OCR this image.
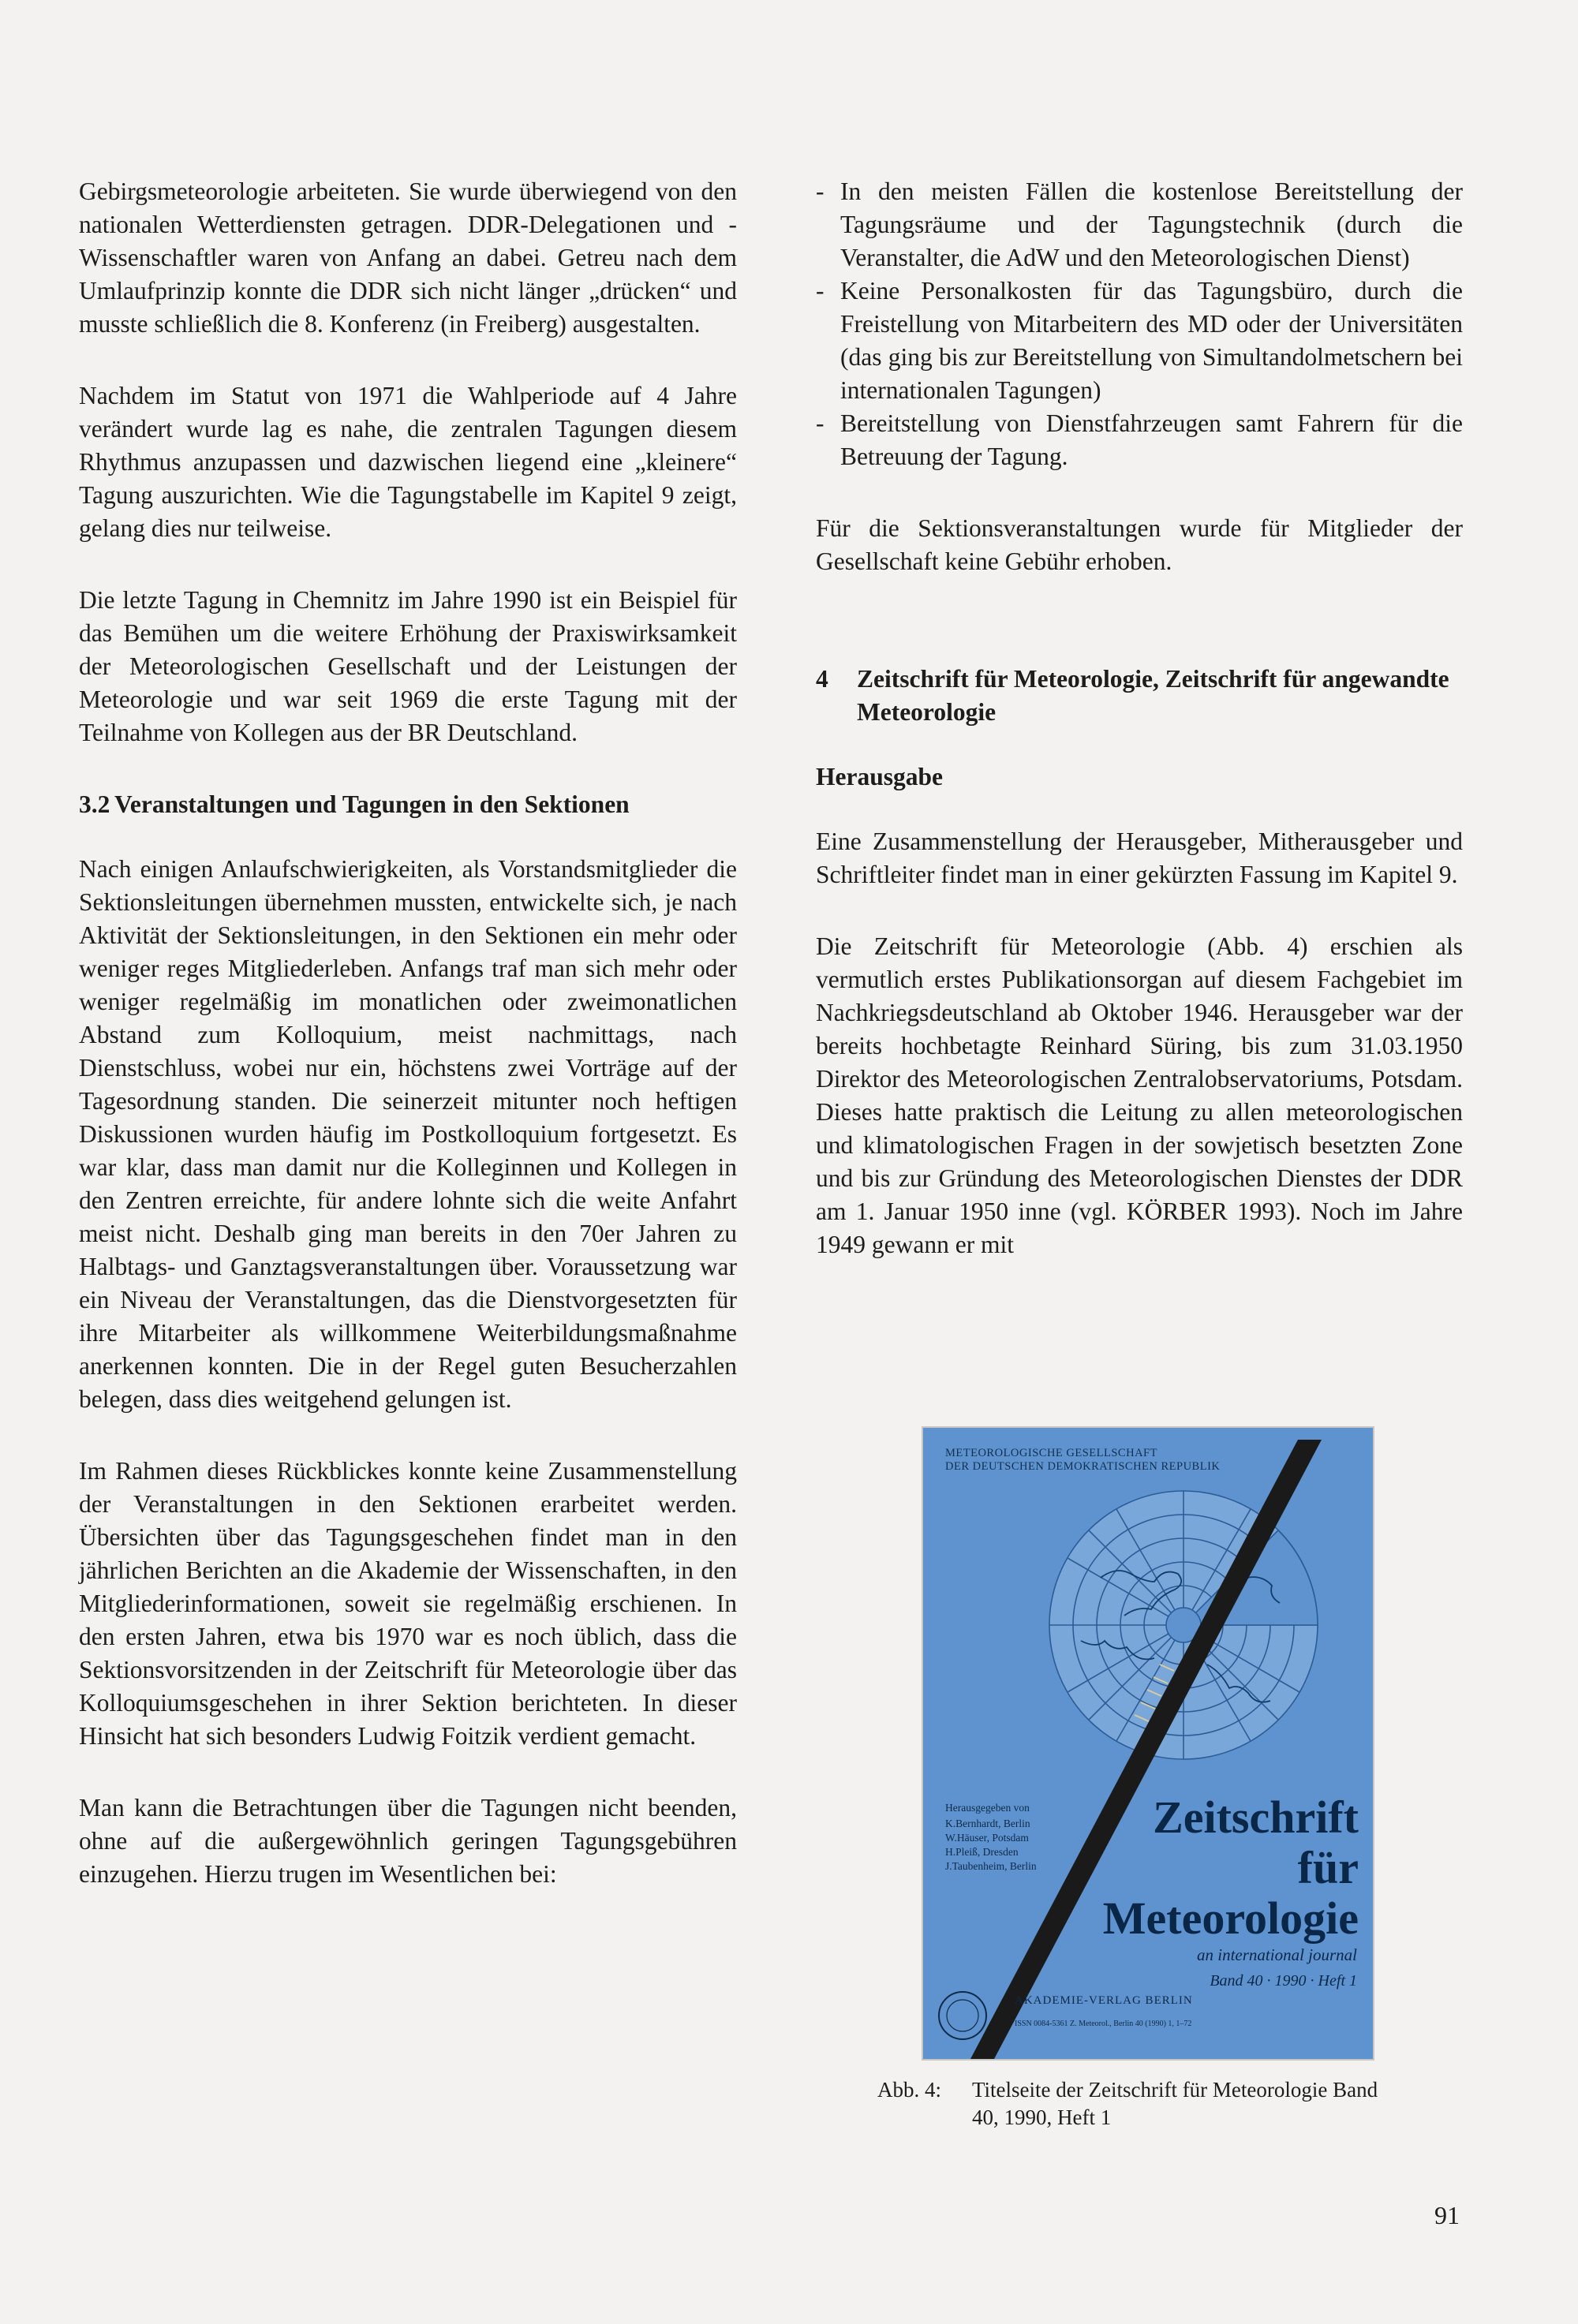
Gebirgsmeteorologie arbeiteten. Sie wurde überwiegend von den nationalen Wetterdiensten getragen. DDR-Delegationen und -Wissenschaftler waren von Anfang an dabei. Getreu nach dem Umlaufprinzip konnte die DDR sich nicht länger „drücken“ und musste schließlich die 8. Konferenz (in Freiberg) ausgestalten.

Nachdem im Statut von 1971 die Wahlperiode auf 4 Jahre verändert wurde lag es nahe, die zentralen Tagungen diesem Rhythmus anzupassen und dazwischen liegend eine „kleinere“ Tagung auszurichten. Wie die Tagungstabelle im Kapitel 9 zeigt, gelang dies nur teilweise.

Die letzte Tagung in Chemnitz im Jahre 1990 ist ein Beispiel für das Bemühen um die weitere Erhöhung der Praxiswirksamkeit der Meteorologischen Gesellschaft und der Leistungen der Meteorologie und war seit 1969 die erste Tagung mit der Teilnahme von Kollegen aus der BR Deutschland.

3.2 Veranstaltungen und Tagungen in den Sektionen

Nach einigen Anlaufschwierigkeiten, als Vorstandsmitglieder die Sektionsleitungen übernehmen mussten, entwickelte sich, je nach Aktivität der Sektionsleitungen, in den Sektionen ein mehr oder weniger reges Mitgliederleben. Anfangs traf man sich mehr oder weniger regelmäßig im monatlichen oder zweimonatlichen Abstand zum Kolloquium, meist nachmittags, nach Dienstschluss, wobei nur ein, höchstens zwei Vorträge auf der Tagesordnung standen. Die seinerzeit mitunter noch heftigen Diskussionen wurden häufig im Postkolloquium fortgesetzt. Es war klar, dass man damit nur die Kolleginnen und Kollegen in den Zentren erreichte, für andere lohnte sich die weite Anfahrt meist nicht. Deshalb ging man bereits in den 70er Jahren zu Halbtags- und Ganztagsveranstaltungen über. Voraussetzung war ein Niveau der Veranstaltungen, das die Dienstvorgesetzten für ihre Mitarbeiter als willkommene Weiterbildungsmaßnahme anerkennen konnten. Die in der Regel guten Besucherzahlen belegen, dass dies weitgehend gelungen ist.

Im Rahmen dieses Rückblickes konnte keine Zusammenstellung der Veranstaltungen in den Sektionen erarbeitet werden. Übersichten über das Tagungsgeschehen findet man in den jährlichen Berichten an die Akademie der Wissenschaften, in den Mitgliederinformationen, soweit sie regelmäßig erschienen. In den ersten Jahren, etwa bis 1970 war es noch üblich, dass die Sektionsvorsitzenden in der Zeitschrift für Meteorologie über das Kolloquiumsgeschehen in ihrer Sektion berichteten. In dieser Hinsicht hat sich besonders Ludwig Foitzik verdient gemacht.

Man kann die Betrachtungen über die Tagungen nicht beenden, ohne auf die außergewöhnlich geringen Tagungsgebühren einzugehen. Hierzu trugen im Wesentlichen bei:

- In den meisten Fällen die kostenlose Bereitstellung der Tagungsräume und der Tagungstechnik (durch die Veranstalter, die AdW und den Meteorologischen Dienst)
- Keine Personalkosten für das Tagungsbüro, durch die Freistellung von Mitarbeitern des MD oder der Universitäten (das ging bis zur Bereitstellung von Simultandolmetschern bei internationalen Tagungen)
- Bereitstellung von Dienstfahrzeugen samt Fahrern für die Betreuung der Tagung.

Für die Sektionsveranstaltungen wurde für Mitglieder der Gesellschaft keine Gebühr erhoben.

4	Zeitschrift für Meteorologie, Zeitschrift für angewandte Meteorologie
Herausgabe

Eine Zusammenstellung der Herausgeber, Mitherausgeber und Schriftleiter findet man in einer gekürzten Fassung im Kapitel 9.

Die Zeitschrift für Meteorologie (Abb. 4) erschien als vermutlich erstes Publikationsorgan auf diesem Fachgebiet im Nachkriegsdeutschland ab Oktober 1946. Herausgeber war der bereits hochbetagte Reinhard Süring, bis zum 31.03.1950 Direktor des Meteorologischen Zentralobservatoriums, Potsdam. Dieses hatte praktisch die Leitung zu allen meteorologischen und klimatologischen Fragen in der sowjetisch besetzten Zone und bis zur Gründung des Meteorologischen Dienstes der DDR am 1. Januar 1950 inne (vgl. KÖRBER 1993). Noch im Jahre 1949 gewann er mit

METEOROLOGISCHE GESELLSCHAFT
DER DEUTSCHEN DEMOKRATISCHEN REPUBLIK
Herausgegeben von
K.Bernhardt, Berlin
W.Häuser, Potsdam
H.Pleiß, Dresden
J.Taubenheim, Berlin
Zeitschrift
für
Meteorologie
an international journal
Band 40 · 1990 · Heft 1
AKADEMIE-VERLAG BERLIN
ISSN 0084-5361 Z. Meteorol., Berlin 40 (1990) 1, 1–72
Abb. 4:	Titelseite der Zeitschrift für Meteorologie Band 40, 1990, Heft 1
91
